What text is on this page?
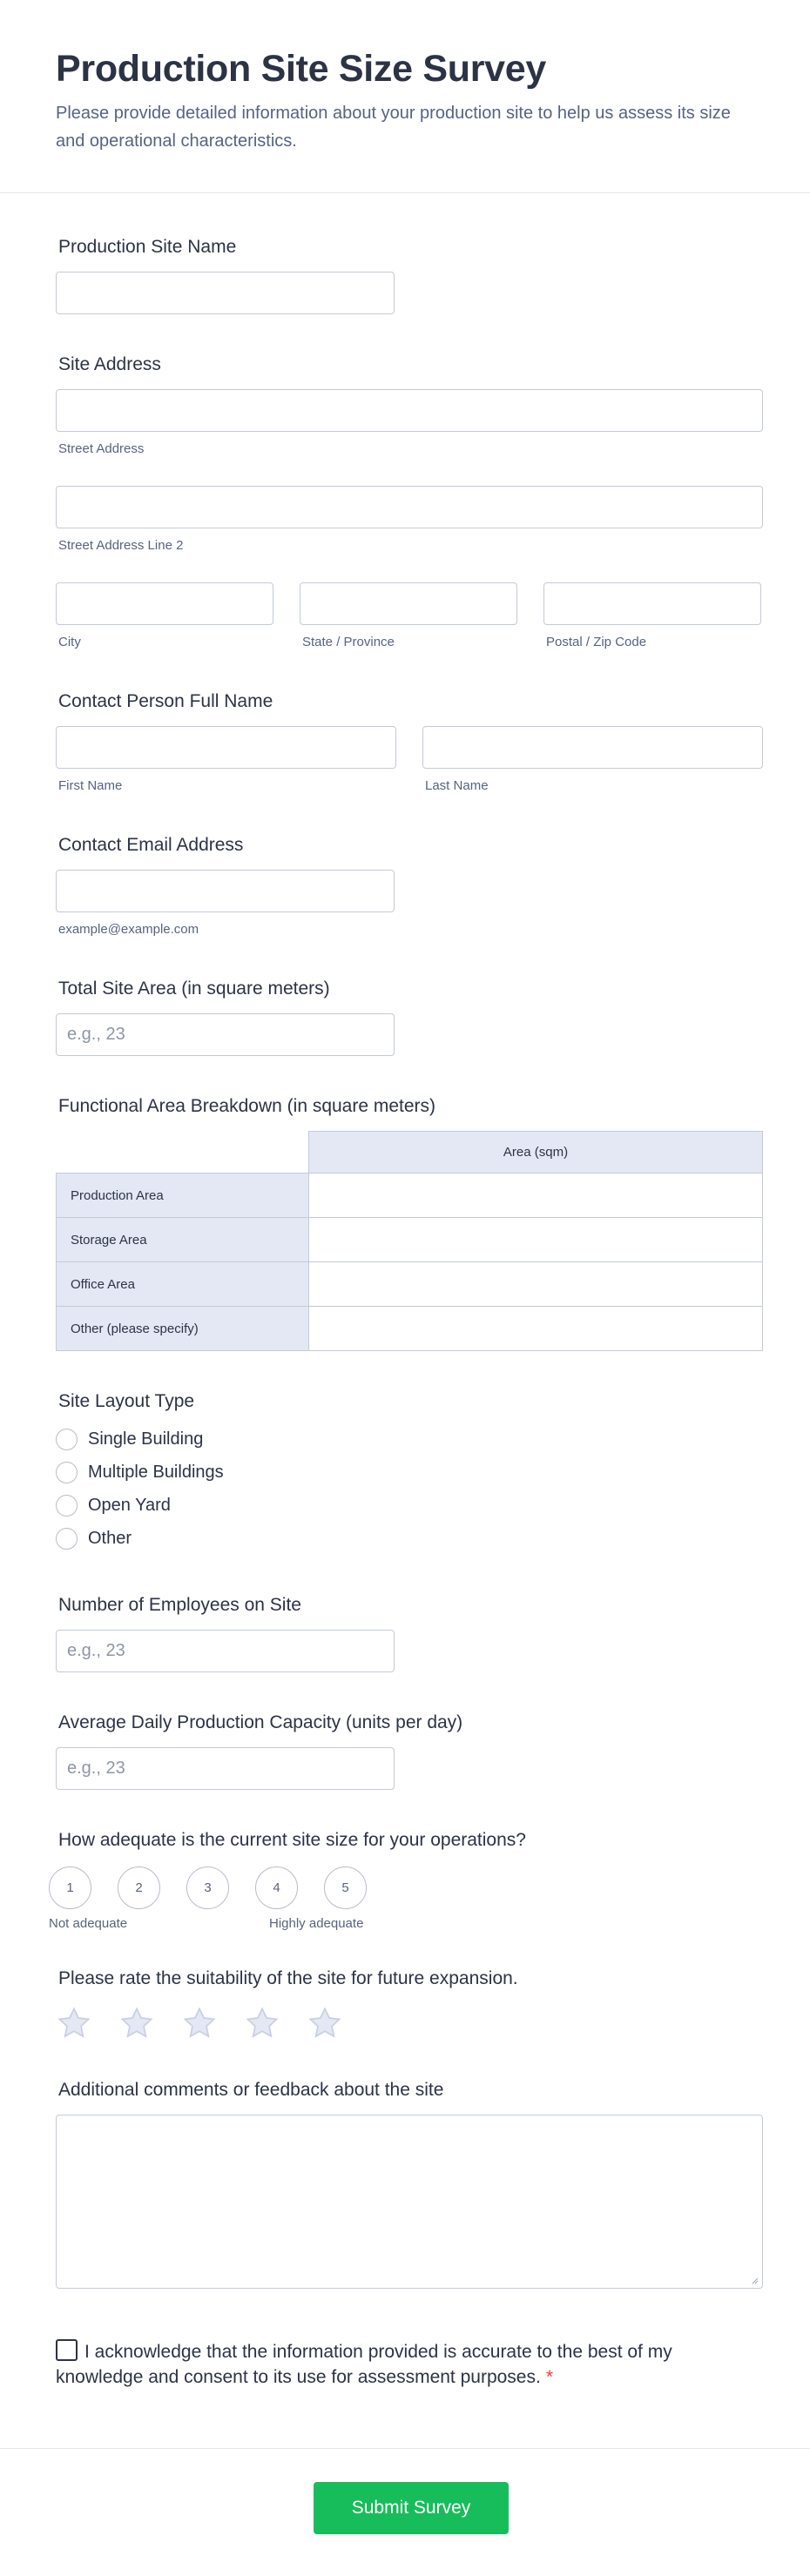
Production Site Size Survey

Please provide detailed information about your production site to help us assess its size and operational characteristics.

Production Site Name
Site Address
Street Address
Street Address Line 2
City	State / Province	Postal / Zip Code
Contact Person Full Name
First Name	Last Name
Contact Email Address
example@example.com
Total Site Area (in square meters)
e.g., 23
Functional Area Breakdown (in square meters)
	Area (sqm)
Production Area	
Storage Area	
Office Area	
Other (please specify)	
Site Layout Type
Single Building
Multiple Buildings
Open Yard
Other
Number of Employees on Site
e.g., 23
Average Daily Production Capacity (units per day)
e.g., 23
How adequate is the current site size for your operations?
1	2	3	4	5
Not adequate	Highly adequate
Please rate the suitability of the site for future expansion.
Additional comments or feedback about the site
I acknowledge that the information provided is accurate to the best of my knowledge and consent to its use for assessment purposes. *
Submit Survey
